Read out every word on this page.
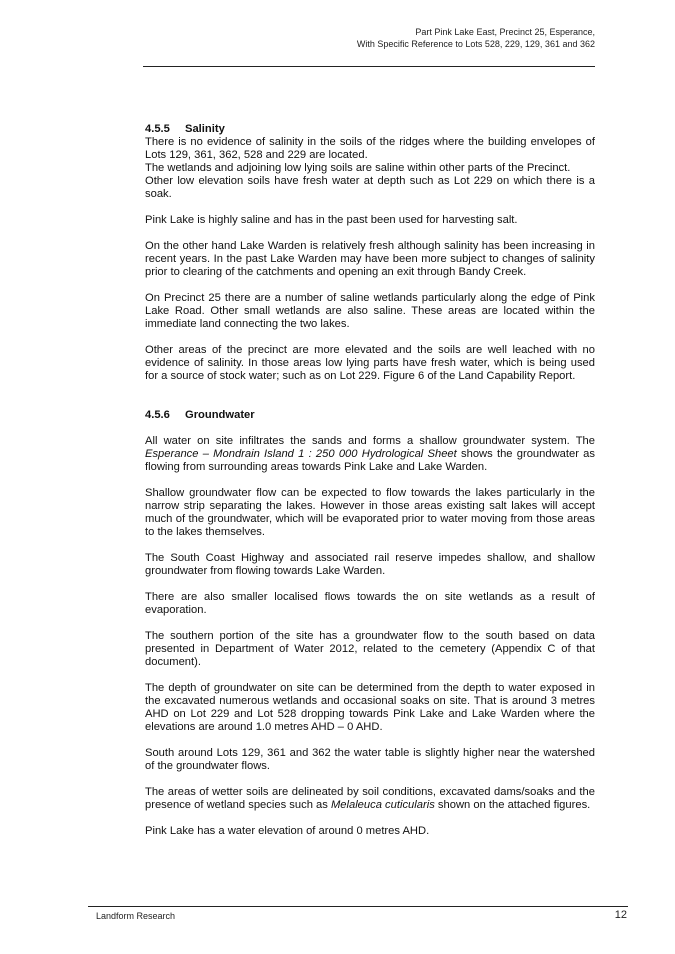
Part Pink Lake East, Precinct 25, Esperance,
With Specific Reference to Lots 528, 229, 129, 361 and 362
4.5.5 Salinity

There is no evidence of salinity in the soils of the ridges where the building envelopes of Lots 129, 361, 362, 528 and 229 are located.
The wetlands and adjoining low lying soils are saline within other parts of the Precinct.
Other low elevation soils have fresh water at depth such as Lot 229 on which there is a soak.

Pink Lake is highly saline and has in the past been used for harvesting salt.

On the other hand Lake Warden is relatively fresh although salinity has been increasing in recent years. In the past Lake Warden may have been more subject to changes of salinity prior to clearing of the catchments and opening an exit through Bandy Creek.

On Precinct 25 there are a number of saline wetlands particularly along the edge of Pink Lake Road. Other small wetlands are also saline. These areas are located within the immediate land connecting the two lakes.

Other areas of the precinct are more elevated and the soils are well leached with no evidence of salinity. In those areas low lying parts have fresh water, which is being used for a source of stock water; such as on Lot 229. Figure 6 of the Land Capability Report.

4.5.6 Groundwater

All water on site infiltrates the sands and forms a shallow groundwater system. The Esperance – Mondrain Island 1 : 250 000 Hydrological Sheet shows the groundwater as flowing from surrounding areas towards Pink Lake and Lake Warden.

Shallow groundwater flow can be expected to flow towards the lakes particularly in the narrow strip separating the lakes. However in those areas existing salt lakes will accept much of the groundwater, which will be evaporated prior to water moving from those areas to the lakes themselves.

The South Coast Highway and associated rail reserve impedes shallow, and shallow groundwater from flowing towards Lake Warden.

There are also smaller localised flows towards the on site wetlands as a result of evaporation.

The southern portion of the site has a groundwater flow to the south based on data presented in Department of Water 2012, related to the cemetery (Appendix C of that document).

The depth of groundwater on site can be determined from the depth to water exposed in the excavated numerous wetlands and occasional soaks on site. That is around 3 metres AHD on Lot 229 and Lot 528 dropping towards Pink Lake and Lake Warden where the elevations are around 1.0 metres AHD – 0 AHD.

South around Lots 129, 361 and 362 the water table is slightly higher near the watershed of the groundwater flows.

The areas of wetter soils are delineated by soil conditions, excavated dams/soaks and the presence of wetland species such as Melaleuca cuticularis shown on the attached figures.

Pink Lake has a water elevation of around 0 metres AHD.

Landform Research	12
